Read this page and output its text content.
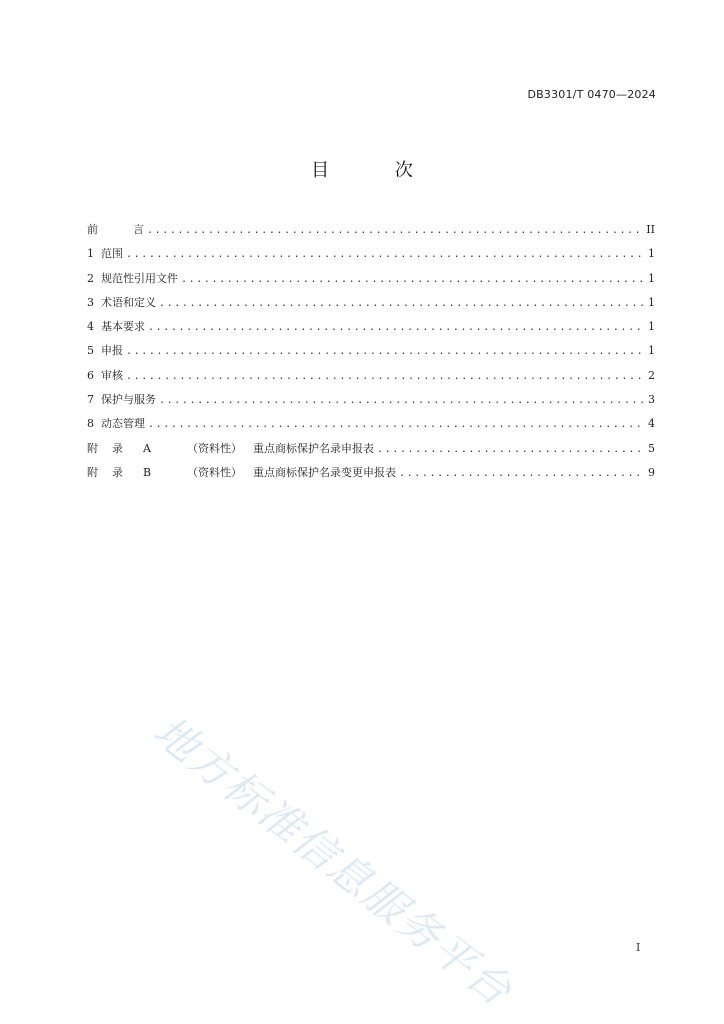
DB3301/T 0470—2024
目 次
前          言 .....	II
1  范围 .....	1
2  规范性引用文件 .....	1
3  术语和定义 .....	1
4  基本要求 .....	1
5  申报 .....	1
6  审核 .....	2
7  保护与服务 .....	3
8  动态管理 .....	4
附录 A	（资料性） 重点商标保护名录申报表 .....	5
附录 B	（资料性） 重点商标保护名录变更申报表 .....	9
地方标准信息服务平台	I
